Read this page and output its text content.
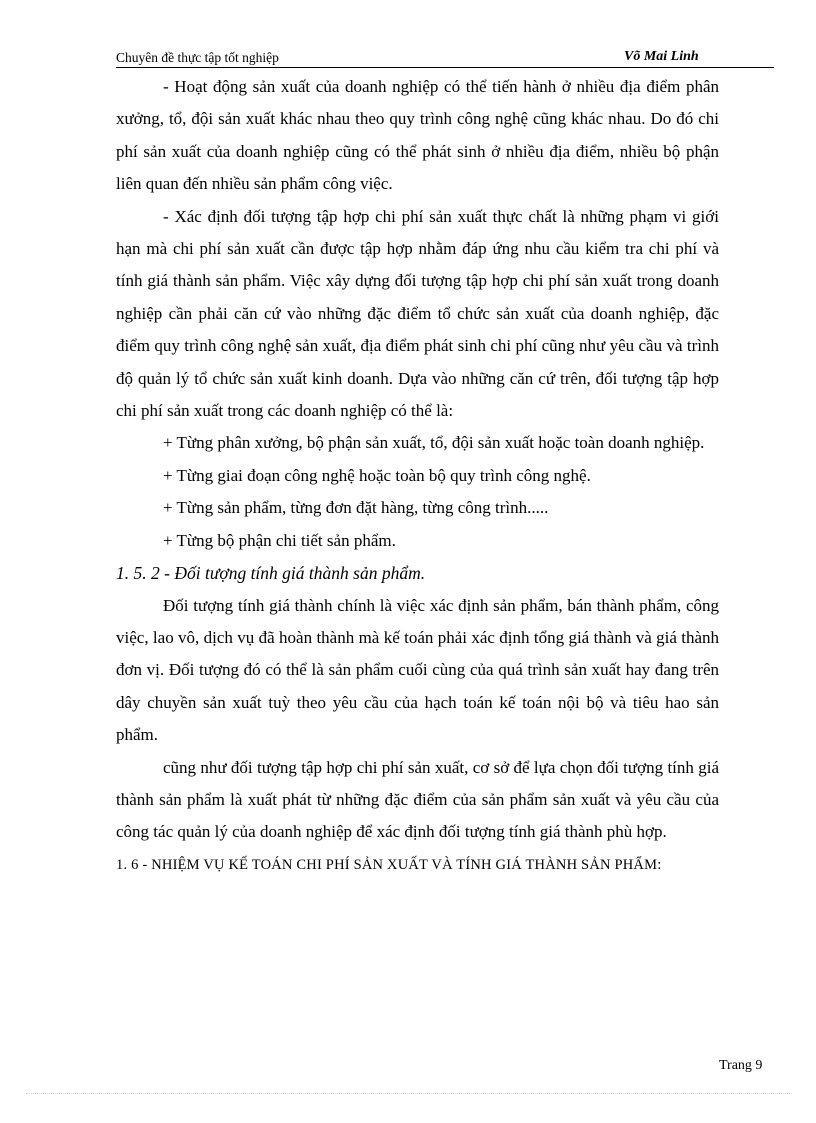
Chuyên đề thực tập tốt nghiệp	Võ Mai Linh

- Hoạt động sản xuất của doanh nghiệp có thể tiến hành ở nhiều địa điểm phân xưởng, tổ, đội sản xuất khác nhau theo quy trình công nghệ cũng khác nhau. Do đó chi phí sản xuất của doanh nghiệp cũng có thể phát sinh ở nhiều địa điểm, nhiều bộ phận liên quan đến nhiều sản phẩm công việc.

- Xác định đối tượng tập hợp chi phí sản xuất thực chất là những phạm vi giới hạn mà chi phí sản xuất cần được tập hợp nhằm đáp ứng nhu cầu kiểm tra chi phí và tính giá thành sản phẩm. Việc xây dựng đối tượng tập hợp chi phí sản xuất trong doanh nghiệp cần phải căn cứ vào những đặc điểm tổ chức sản xuất của doanh nghiệp, đặc điểm quy trình công nghệ sản xuất, địa điểm phát sinh chi phí cũng như yêu cầu và trình độ quản lý tổ chức sản xuất kinh doanh. Dựa vào những căn cứ trên, đối tượng tập hợp chi phí sản xuất trong các doanh nghiệp có thể là:

+ Từng phân xưởng, bộ phận sản xuất, tổ, đội sản xuất hoặc toàn doanh nghiệp.

+ Từng giai đoạn công nghệ hoặc toàn bộ quy trình công nghệ.

+ Từng sản phẩm, từng đơn đặt hàng, từng công trình.....

+ Từng bộ phận chi tiết sản phẩm.

1. 5. 2 - Đối tượng tính giá thành sản phẩm.

Đối tượng tính giá thành chính là việc xác định sản phẩm, bán thành phẩm, công việc, lao vô, dịch vụ đã hoàn thành mà kế toán phải xác định tổng giá thành và giá thành đơn vị. Đối tượng đó có thể là sản phẩm cuối cùng của quá trình sản xuất hay đang trên dây chuyền sản xuất tuỳ theo yêu cầu của hạch toán kế toán nội bộ và tiêu hao sản phẩm.

cũng như đối tượng tập hợp chi phí sản xuất, cơ sở để lựa chọn đối tượng tính giá thành sản phẩm là xuất phát từ những đặc điểm của sản phẩm sản xuất và yêu cầu của công tác quản lý của doanh nghiệp để xác định đối tượng tính giá thành phù hợp.

1. 6 - NHIỆM VỤ KẾ TOÁN CHI PHÍ SẢN XUẤT VÀ TÍNH GIÁ THÀNH SẢN PHẨM:

Trang 9
